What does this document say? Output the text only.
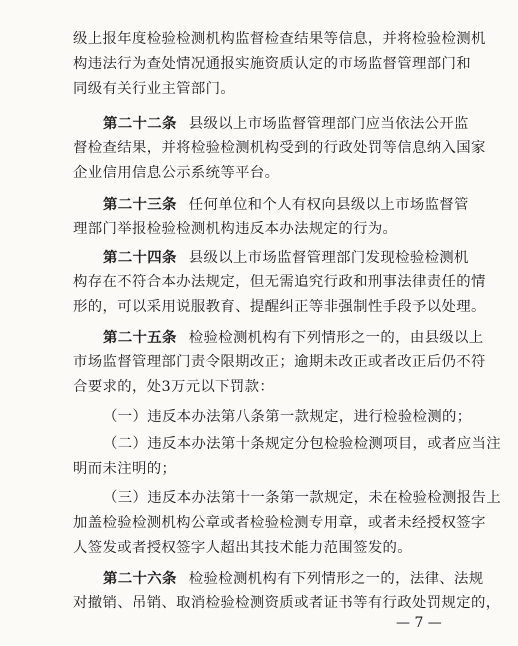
级上报年度检验检测机构监督检查结果等信息，并将检验检测机
构违法行为查处情况通报实施资质认定的市场监督管理部门和
同级有关行业主管部门。
第二十二条 县级以上市场监督管理部门应当依法公开监
督检查结果，并将检验检测机构受到的行政处罚等信息纳入国家
企业信用信息公示系统等平台。
第二十三条 任何单位和个人有权向县级以上市场监督管
理部门举报检验检测机构违反本办法规定的行为。
第二十四条 县级以上市场监督管理部门发现检验检测机
构存在不符合本办法规定，但无需追究行政和刑事法律责任的情
形的，可以采用说服教育、提醒纠正等非强制性手段予以处理。
第二十五条 检验检测机构有下列情形之一的，由县级以上
市场监督管理部门责令限期改正；逾期未改正或者改正后仍不符
合要求的，处3万元以下罚款：
（一）违反本办法第八条第一款规定，进行检验检测的；
（二）违反本办法第十条规定分包检验检测项目，或者应当注
明而未注明的；
（三）违反本办法第十一条第一款规定，未在检验检测报告上
加盖检验检测机构公章或者检验检测专用章，或者未经授权签字
人签发或者授权签字人超出其技术能力范围签发的。
第二十六条 检验检测机构有下列情形之一的，法律、法规
对撤销、吊销、取消检验检测资质或者证书等有行政处罚规定的，
— 7 —
